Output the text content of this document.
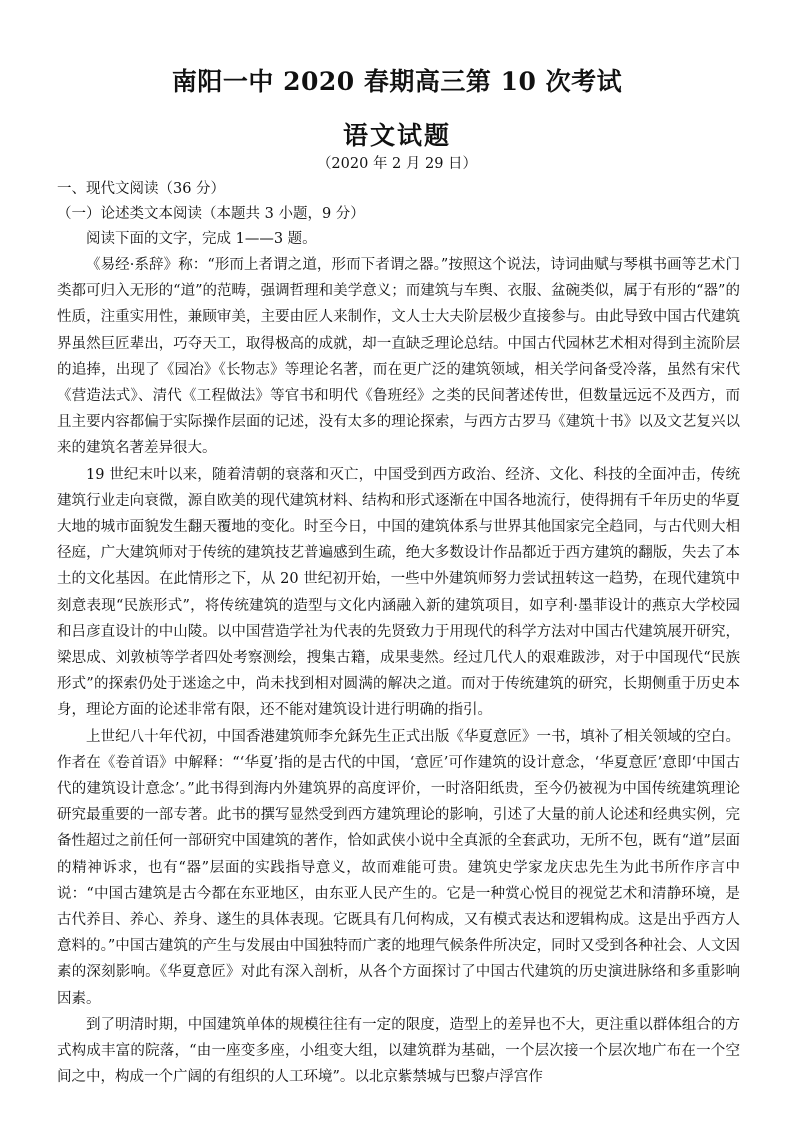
南阳一中 2020 春期高三第 10 次考试
语文试题
（2020 年 2 月 29 日）
一、现代文阅读（36 分）
（一）论述类文本阅读（本题共 3 小题，9 分）
阅读下面的文字，完成 1——3 题。

《易经·系辞》称：“形而上者谓之道，形而下者谓之器。”按照这个说法，诗词曲赋与琴棋书画等艺术门类都可归入无形的“道”的范畴，强调哲理和美学意义；而建筑与车舆、衣服、盆碗类似，属于有形的“器”的性质，注重实用性，兼顾审美，主要由匠人来制作，文人士大夫阶层极少直接参与。由此导致中国古代建筑界虽然巨匠辈出，巧夺天工，取得极高的成就，却一直缺乏理论总结。中国古代园林艺术相对得到主流阶层的追捧，出现了《园冶》《长物志》等理论名著，而在更广泛的建筑领域，相关学问备受冷落，虽然有宋代《营造法式》、清代《工程做法》等官书和明代《鲁班经》之类的民间著述传世，但数量远远不及西方，而且主要内容都偏于实际操作层面的记述，没有太多的理论探索，与西方古罗马《建筑十书》以及文艺复兴以来的建筑名著差异很大。

19 世纪末叶以来，随着清朝的衰落和灭亡，中国受到西方政治、经济、文化、科技的全面冲击，传统建筑行业走向衰微，源自欧美的现代建筑材料、结构和形式逐渐在中国各地流行，使得拥有千年历史的华夏大地的城市面貌发生翻天覆地的变化。时至今日，中国的建筑体系与世界其他国家完全趋同，与古代则大相径庭，广大建筑师对于传统的建筑技艺普遍感到生疏，绝大多数设计作品都近于西方建筑的翻版，失去了本土的文化基因。在此情形之下，从 20 世纪初开始，一些中外建筑师努力尝试扭转这一趋势，在现代建筑中刻意表现“民族形式”，将传统建筑的造型与文化内涵融入新的建筑项目，如亨利·墨菲设计的燕京大学校园和吕彦直设计的中山陵。以中国营造学社为代表的先贤致力于用现代的科学方法对中国古代建筑展开研究，梁思成、刘敦桢等学者四处考察测绘，搜集古籍，成果斐然。经过几代人的艰难跋涉，对于中国现代“民族形式”的探索仍处于迷途之中，尚未找到相对圆满的解决之道。而对于传统建筑的研究，长期侧重于历史本身，理论方面的论述非常有限，还不能对建筑设计进行明确的指引。

上世纪八十年代初，中国香港建筑师李允鉌先生正式出版《华夏意匠》一书，填补了相关领域的空白。作者在《卷首语》中解释：“‘华夏’指的是古代的中国，‘意匠’可作建筑的设计意念，‘华夏意匠’意即‘中国古代的建筑设计意念’。”此书得到海内外建筑界的高度评价，一时洛阳纸贵，至今仍被视为中国传统建筑理论研究最重要的一部专著。此书的撰写显然受到西方建筑理论的影响，引述了大量的前人论述和经典实例，完备性超过之前任何一部研究中国建筑的著作，恰如武侠小说中全真派的全套武功，无所不包，既有“道”层面的精神诉求，也有“器”层面的实践指导意义，故而难能可贵。建筑史学家龙庆忠先生为此书所作序言中说：“中国古建筑是古今都在东亚地区，由东亚人民产生的。它是一种赏心悦目的视觉艺术和清静环境，是古代养目、养心、养身、遂生的具体表现。它既具有几何构成，又有模式表达和逻辑构成。这是出乎西方人意料的。”中国古建筑的产生与发展由中国独特而广袤的地理气候条件所决定，同时又受到各种社会、人文因素的深刻影响。《华夏意匠》对此有深入剖析，从各个方面探讨了中国古代建筑的历史演进脉络和多重影响因素。

到了明清时期，中国建筑单体的规模往往有一定的限度，造型上的差异也不大，更注重以群体组合的方式构成丰富的院落，“由一座变多座，小组变大组，以建筑群为基础，一个层次接一个层次地广布在一个空间之中，构成一个广阔的有组织的人工环境”。以北京紫禁城与巴黎卢浮宫作
